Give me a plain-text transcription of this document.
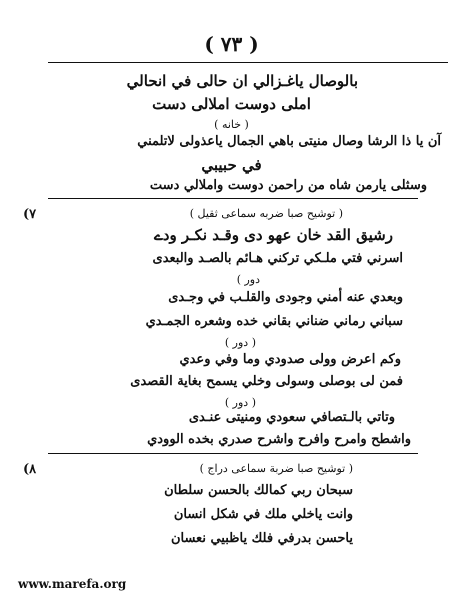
( ٧٣ )
بالوصال ياغـزالي ان حالى في انحالي
املى دوست املالى دست
( خانه )
آن يا ذا الرشا وصال منيتى باهي الجمال ياعذولى لاتلمني
في حبيبي
وسثلى يارمن شاه من راحمن دوست واملالي دست
(٧	( توشيح صبا ضربه سماعى ثقيل )
رشيق القد خان عهو دى وقـد نكـر ودے
اسرني فتي ملـكي تركني هـائم بالصـد والبعدى
دور )
وبعدي عنه أمني وجودى والقلـب في وجـدى
سباني رماني ضناني بقاني خده وشعره الجمـدي
( دور )
وكم اعرض وولى صدودي وما وفي وعدي
فمن لى بوصلى وسولى وخلي يسمح بغاية القصدى
( دور )
وتاتي بالـتصافي سعودي ومنيتى عنـدى
واشطح وامرح وافرح واشرح صدري بخده الوودي
(٨	( توشيح صبا ضربة سماعى دراج )
سبحان ربي كمالك بالحسن سلطان
وانت ياخلي ملك في شكل انسان
ياحسن بدرفي فلك ياظبيي نعسان
www.marefa.org
